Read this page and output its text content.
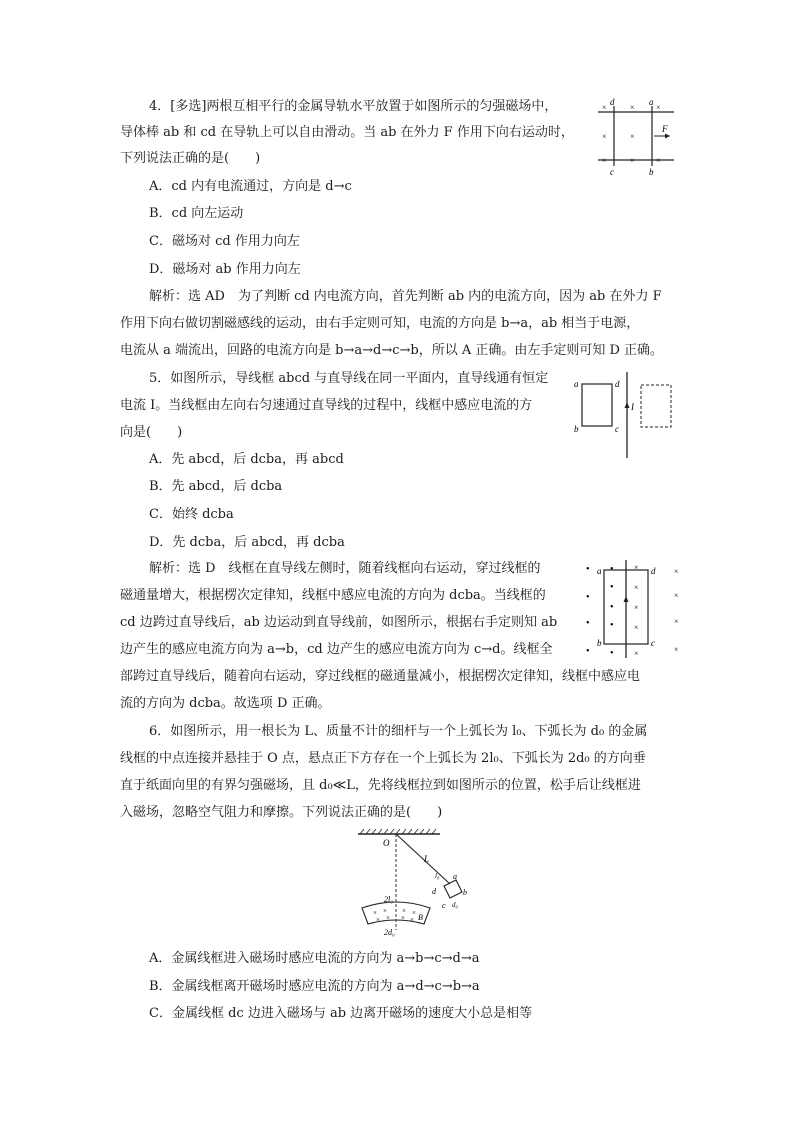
4．[多选]两根互相平行的金属导轨水平放置于如图所示的匀强磁场中，
导体棒 ab 和 cd 在导轨上可以自由滑动。当 ab 在外力 F 作用下向右运动时，
下列说法正确的是(　　)
A．cd 内有电流通过，方向是 d→c
B．cd 向左运动
C．磁场对 cd 作用力向左
D．磁场对 ab 作用力向左
解析：选 AD　为了判断 cd 内电流方向，首先判断 ab 内的电流方向，因为 ab 在外力 F
作用下向右做切割磁感线的运动，由右手定则可知，电流的方向是 b→a，ab 相当于电源，
电流从 a 端流出，回路的电流方向是 b→a→d→c→b，所以 A 正确。由左手定则可知 D 正确。
d	a
c	b
F
×	×	×
×	×
×	×	×
5．如图所示，导线框 abcd 与直导线在同一平面内，直导线通有恒定
电流 I。当线框由左向右匀速通过直导线的过程中，线框中感应电流的方
向是(　　)
A．先 abcd，后 dcba，再 abcd
B．先 abcd，后 dcba
C．始终 dcba
D．先 dcba，后 abcd，再 dcba
解析：选 D　线框在直导线左侧时，随着线框向右运动，穿过线框的
磁通量增大，根据楞次定律知，线框中感应电流的方向为 dcba。当线框的
cd 边跨过直导线后，ab 边运动到直导线前，如图所示，根据右手定则知 ab
边产生的感应电流方向为 a→b，cd 边产生的感应电流方向为 c→d。线框全
部跨过直导线后，随着向右运动，穿过线框的磁通量减小，根据楞次定律知，线框中感应电
流的方向为 dcba。故选项 D 正确。
a	d
b	c
I
a	d
b	c
•
•
•
•
•
•
•
•
•
×
×
×
×
×
×
×
×
×
6．如图所示，用一根长为 L、质量不计的细杆与一个上弧长为 l₀、下弧长为 d₀ 的金属
线框的中点连接并悬挂于 O 点，悬点正下方存在一个上弧长为 2l₀、下弧长为 2d₀ 的方向垂
直于纸面向里的有界匀强磁场，且 d₀≪L，先将线框拉到如图所示的位置，松手后让线框进
入磁场，忽略空气阻力和摩擦。下列说法正确的是(　　)
O
L
l₀ a
b
c
d
d₀
2l₀
2d₀
B
× × × ×
× × × ×
A．金属线框进入磁场时感应电流的方向为 a→b→c→d→a
B．金属线框离开磁场时感应电流的方向为 a→d→c→b→a
C．金属线框 dc 边进入磁场与 ab 边离开磁场的速度大小总是相等
